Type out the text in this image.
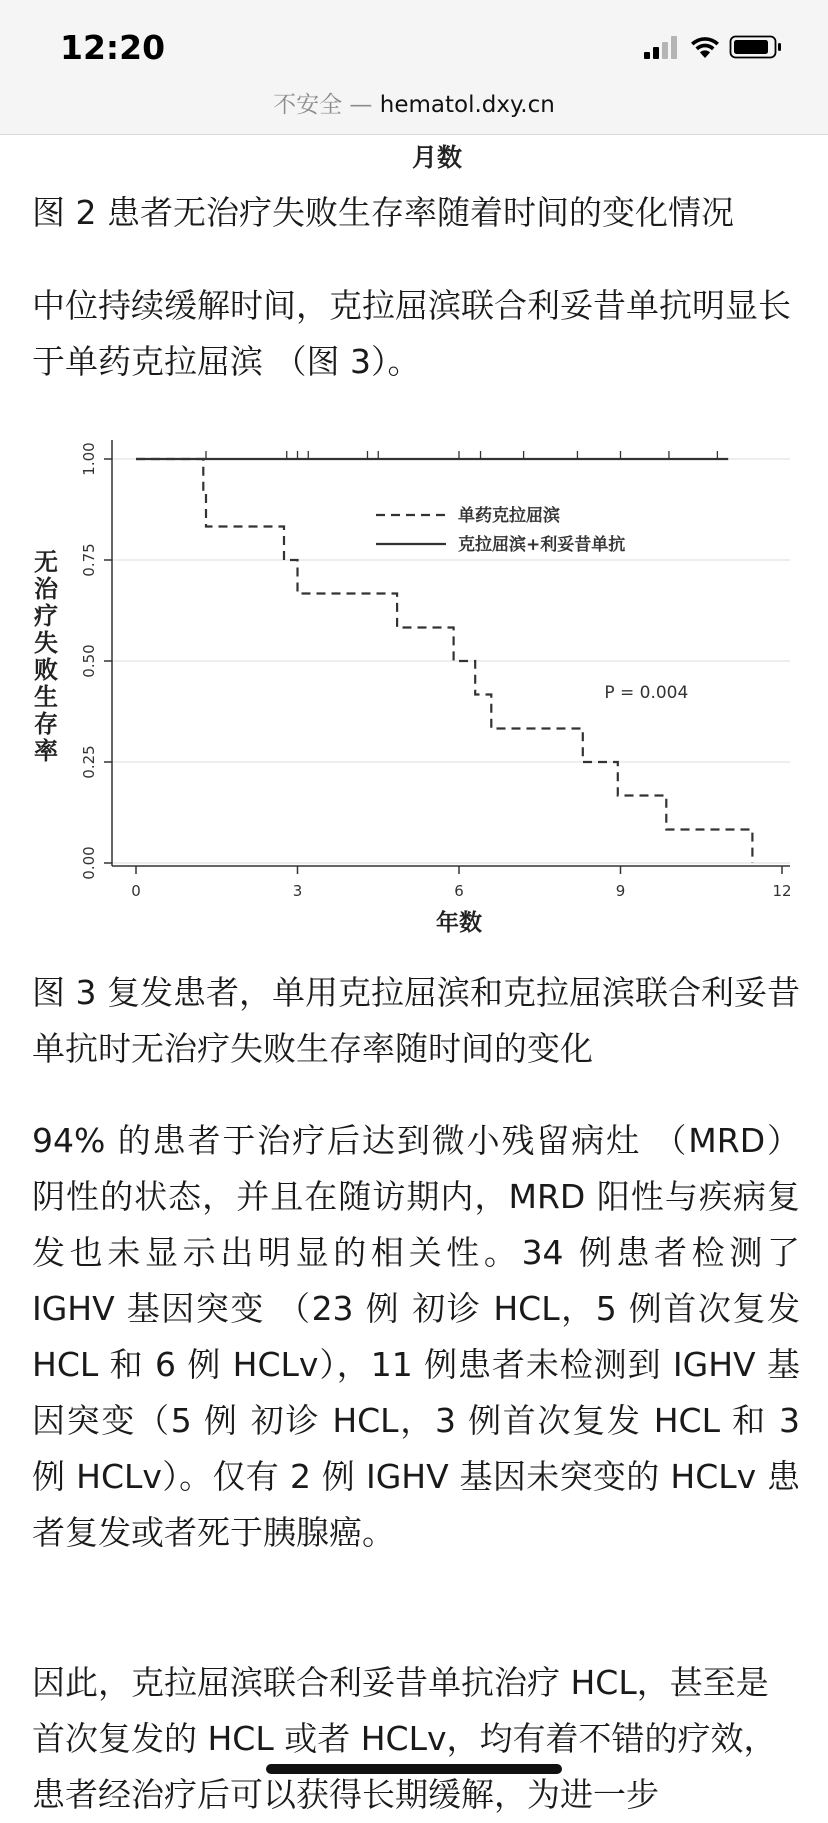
12:20
不安全 — hematol.dxy.cn
月数

图 2 患者无治疗失败生存率随着时间的变化情况

中位持续缓解时间，克拉屈滨联合利妥昔单抗明显长于单药克拉屈滨 （图 3）。

0.00
0.25
0.50
0.75
1.00
0	3	6	9	12
单药克拉屈滨
克拉屈滨+利妥昔单抗
P = 0.004
年数
无治疗失败生存率

图 3 复发患者，单用克拉屈滨和克拉屈滨联合利妥昔单抗时无治疗失败生存率随时间的变化

94% 的患者于治疗后达到微小残留病灶 （MRD） 阴性的状态，并且在随访期内，MRD 阳性与疾病复发也未显示出明显的相关性。34 例患者检测了 IGHV 基因突变 （23 例 初诊 HCL，5 例首次复发 HCL 和 6 例 HCLv），11 例患者未检测到 IGHV 基因突变（5 例 初诊 HCL，3 例首次复发 HCL 和 3 例 HCLv）。仅有 2 例 IGHV 基因未突变的 HCLv 患者复发或者死于胰腺癌。

因此，克拉屈滨联合利妥昔单抗治疗 HCL，甚至是首次复发的 HCL 或者 HCLv，均有着不错的疗效，患者经治疗后可以获得长期缓解，为进一步
